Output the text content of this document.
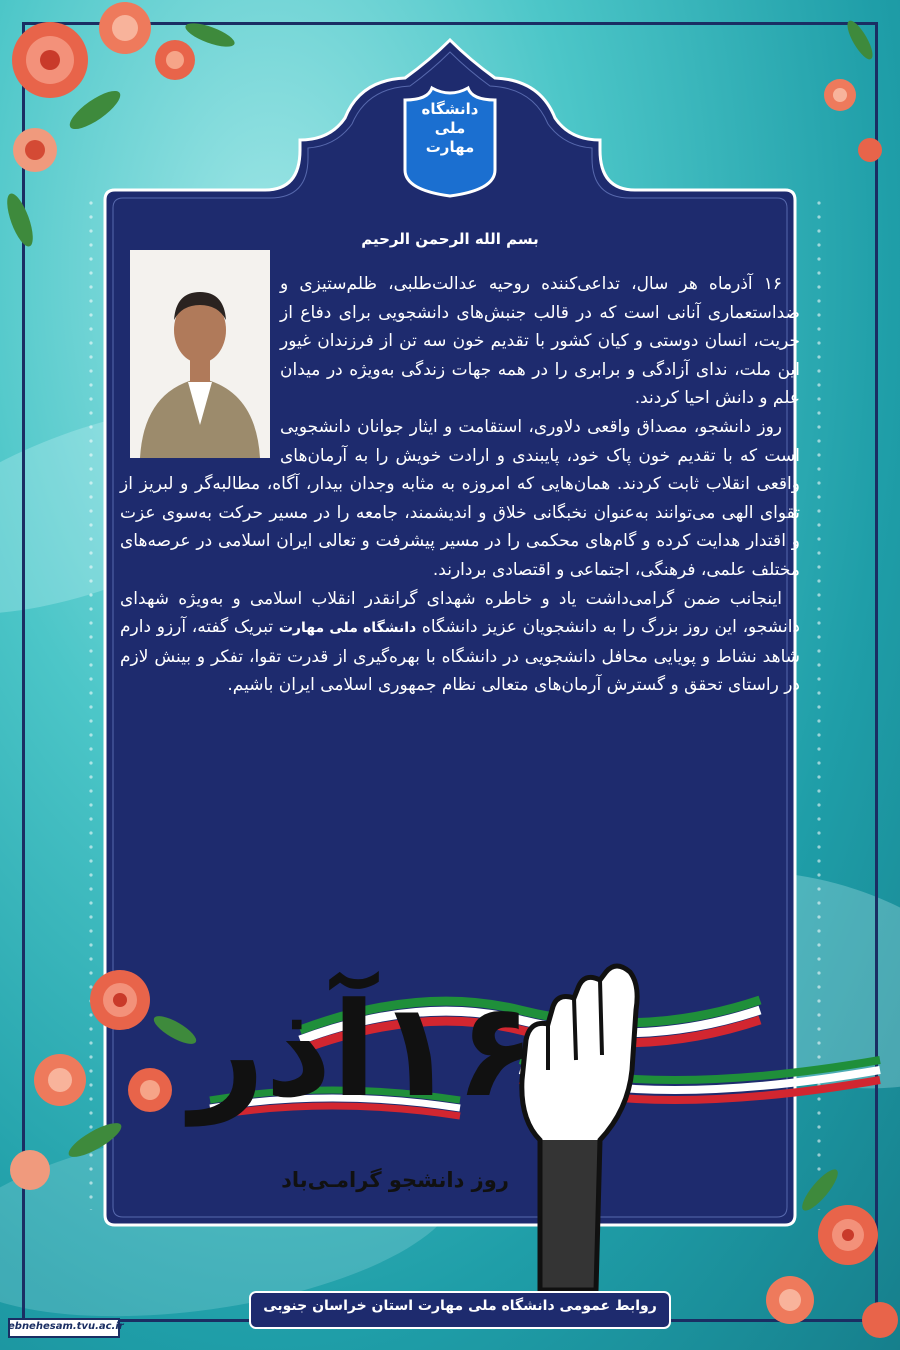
دانشگاه ملی
مهارت
بسم الله الرحمن الرحیم

۱۶ آذرماه هر سال، تداعی‌کننده روحیه عدالت‌طلبی، ظلم‌ستیزی و ضداستعماری آنانی است که در قالب جنبش‌های دانشجویی برای دفاع از حریت، انسان دوستی و کیان کشور با تقدیم خون سه تن از فرزندان غیور این ملت، ندای آزادگی و برابری را در همه جهات زندگی به‌ویژه در میدان علم و دانش احیا کردند.

روز دانشجو، مصداق واقعی دلاوری، استقامت و ایثار جوانان دانشجویی است که با تقدیم خون پاک خود، پایبندی و ارادت خویش را به آرمان‌های واقعی انقلاب ثابت کردند. همان‌هایی که امروزه به مثابه وجدان بیدار، آگاه، مطالبه‌گر و لبریز از تقوای الهی می‌توانند به‌عنوان نخبگانی خلاق و اندیشمند، جامعه را در مسیر حرکت به‌سوی عزت و اقتدار هدایت کرده و گام‌های محکمی را در مسیر پیشرفت و تعالی ایران اسلامی در عرصه‌های مختلف علمی، فرهنگی، اجتماعی و اقتصادی بردارند.

اینجانب ضمن گرامی‌داشت یاد و خاطره شهدای گرانقدر انقلاب اسلامی و به‌ویژه شهدای دانشجو، این روز بزرگ را به دانشجویان عزیز دانشگاه دانشگاه ملی مهارت تبریک گفته، آرزو دارم شاهد نشاط و پویایی محافل دانشجویی در دانشگاه با بهره‌گیری از قدرت تقوا، تفکر و بینش لازم در راستای تحقق و گسترش آرمان‌های متعالی نظام جمهوری اسلامی ایران باشیم.

۱۶آذر
روز دانشجو گرامـی‌باد
روابط عمومی دانشگاه ملی مهارت استان خراسان جنوبی
ebnehesam.tvu.ac.ir
